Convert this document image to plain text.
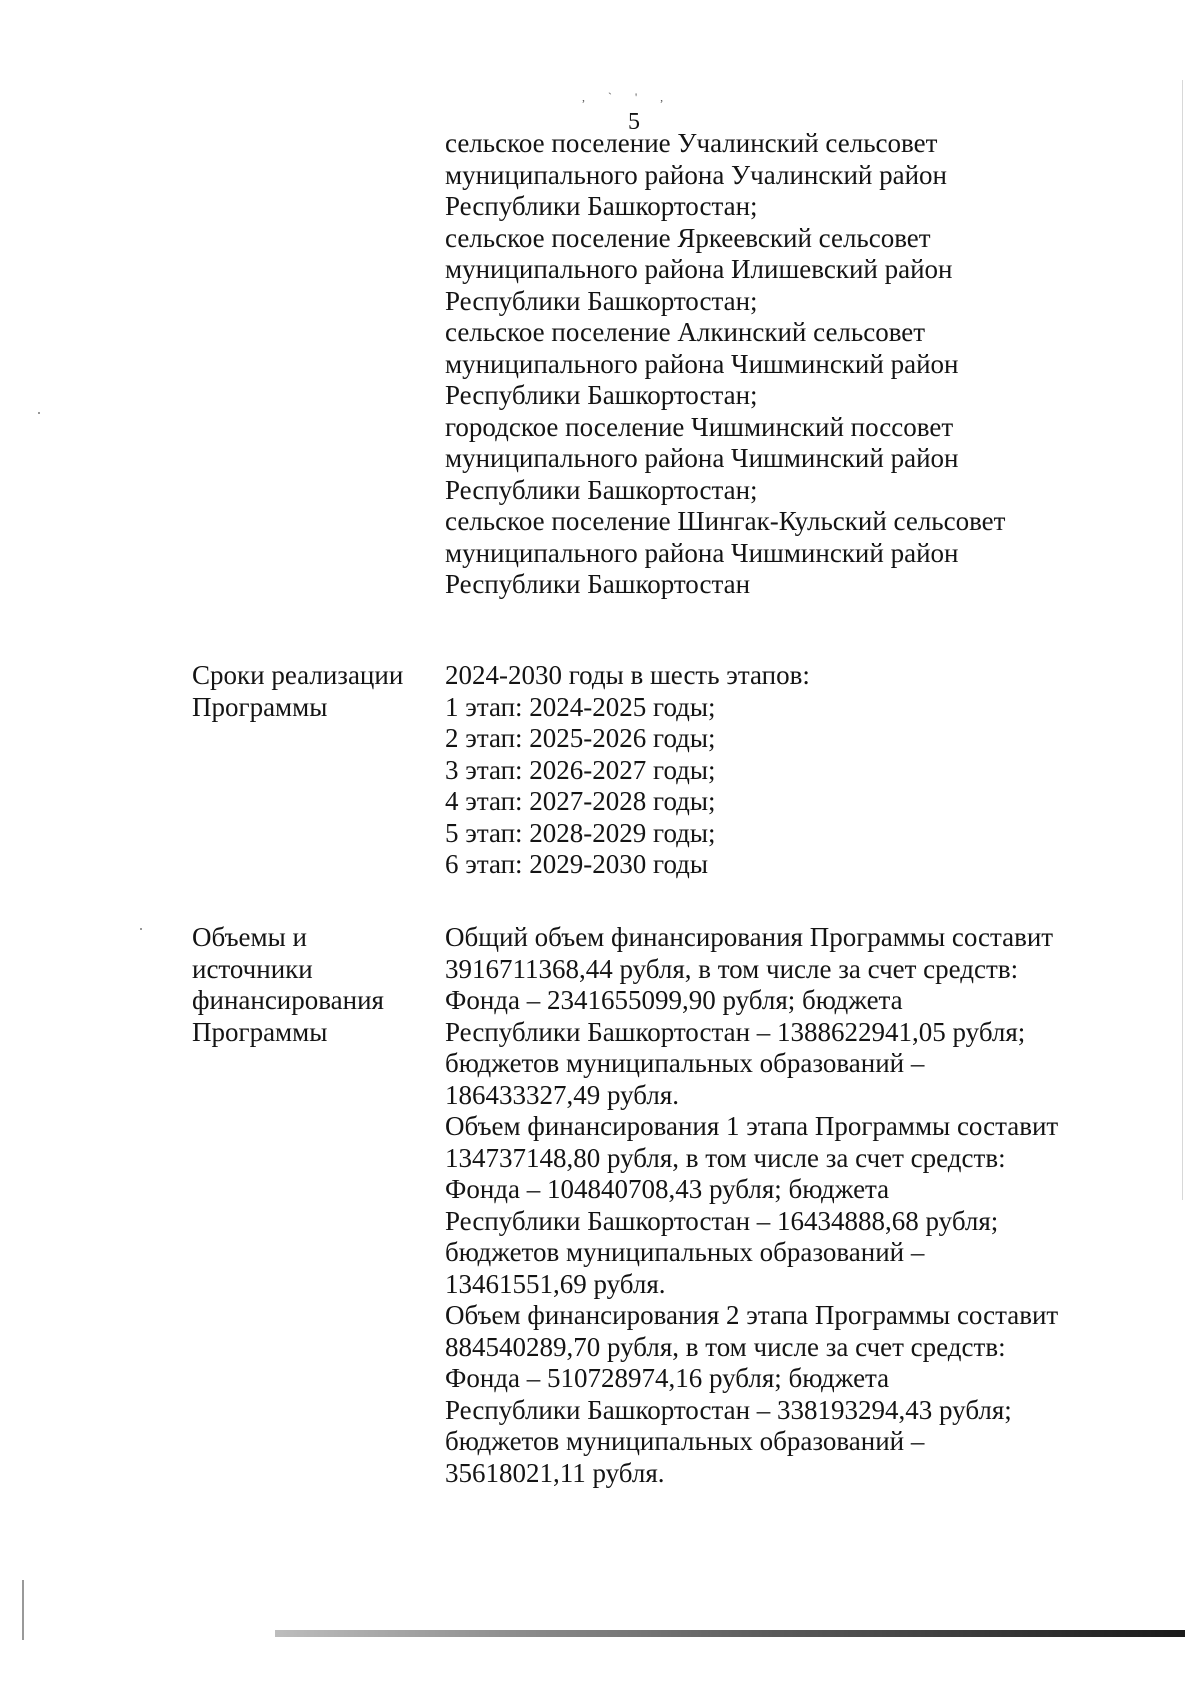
, ` ' ,
5
сельское поселение Учалинский сельсовет
муниципального района Учалинский район
Республики Башкортостан;
сельское поселение Яркеевский сельсовет
муниципального района Илишевский район
Республики Башкортостан;
сельское поселение Алкинский сельсовет
муниципального района Чишминский район
Республики Башкортостан;
городское поселение Чишминский поссовет
муниципального района Чишминский район
Республики Башкортостан;
сельское поселение Шингак-Кульский сельсовет
муниципального района Чишминский район
Республики Башкортостан
Сроки реализации
Программы
2024-2030 годы в шесть этапов:
1 этап: 2024-2025 годы;
2 этап: 2025-2026 годы;
3 этап: 2026-2027 годы;
4 этап: 2027-2028 годы;
5 этап: 2028-2029 годы;
6 этап: 2029-2030 годы
Объемы и
источники
финансирования
Программы
Общий объем финансирования Программы составит
3916711368,44 рубля, в том числе за счет средств:
Фонда – 2341655099,90 рубля; бюджета
Республики Башкортостан – 1388622941,05 рубля;
бюджетов муниципальных образований –
186433327,49 рубля.
Объем финансирования 1 этапа Программы составит
134737148,80 рубля, в том числе за счет средств:
Фонда – 104840708,43 рубля; бюджета
Республики Башкортостан – 16434888,68 рубля;
бюджетов муниципальных образований –
13461551,69 рубля.
Объем финансирования 2 этапа Программы составит
884540289,70 рубля, в том числе за счет средств:
Фонда – 510728974,16 рубля; бюджета
Республики Башкортостан – 338193294,43 рубля;
бюджетов муниципальных образований –
35618021,11 рубля.
